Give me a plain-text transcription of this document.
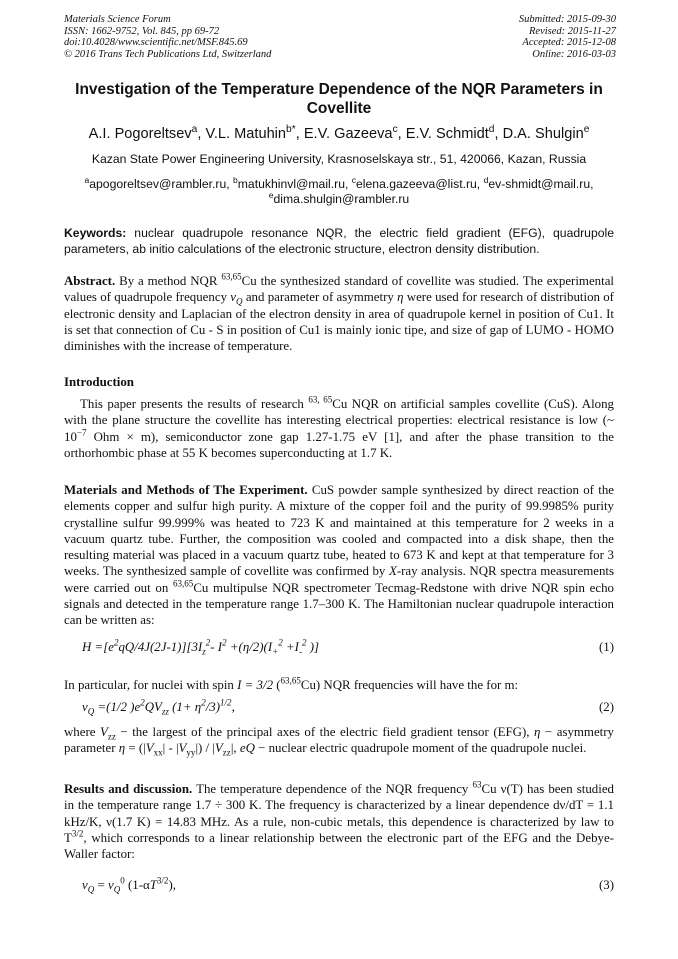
Materials Science Forum
ISSN: 1662-9752, Vol. 845, pp 69-72
doi:10.4028/www.scientific.net/MSF.845.69
© 2016 Trans Tech Publications Ltd, Switzerland
Submitted: 2015-09-30
Revised: 2015-11-27
Accepted: 2015-12-08
Online: 2016-03-03
Investigation of the Temperature Dependence of the NQR Parameters in Covellite
A.I. Pogoreltsev$^a$, V.L. Matuhin$^{b*}$, E.V. Gazeeva$^c$, E.V. Schmidt$^d$, D.A. Shulgin$^e$
Kazan State Power Engineering University, Krasnoselskaya str., 51, 420066, Kazan, Russia
$^a$apogoreltsev@rambler.ru, $^b$matukhinvl@mail.ru, $^c$elena.gazeeva@list.ru, $^d$ev-shmidt@mail.ru,
$^e$dima.shulgin@rambler.ru
Keywords: nuclear quadrupole resonance NQR, the electric field gradient (EFG), quadrupole parameters, ab initio calculations of the electronic structure, electron density distribution.
Abstract. By a method NQR $^{63,65}$Cu the synthesized standard of covellite was studied. The experimental values of quadrupole frequency $\nu_Q$ and parameter of asymmetry η were used for research of distribution of electronic density and Laplacian of the electron density in area of quadrupole kernel in position of Cu1. It is set that connection of Cu - S in position of Cu1 is mainly ionic tipe, and size of gap of LUMO - HOMO diminishes with the increase of temperature.
Introduction
This paper presents the results of research $^{63, 65}$Cu NQR on artificial samples covellite (CuS). Along with the plane structure the covellite has interesting electrical properties: electrical resistance is low (~ $10^{-7}$ Ohm × m), semiconductor zone gap 1.27-1.75 eV [1], and after the phase transition to the orthorhombic phase at 55 K becomes superconducting at 1.7 K.
Materials and Methods of The Experiment. CuS powder sample synthesized by direct reaction of the elements copper and sulfur high purity. A mixture of the copper foil and the purity of 99.9985% purity crystalline sulfur 99.999% was heated to 723 K and maintained at this temperature for 2 weeks in a vacuum quartz tube. Further, the composition was cooled and compacted into a disk shape, then the resulting material was placed in a vacuum quartz tube, heated to 673 K and kept at that temperature for 3 weeks. The synthesized sample of covellite was confirmed by X-ray analysis. NQR spectra measurements were carried out on $^{63,65}$Cu multipulse NQR spectrometer Tecmag-Redstone with drive NQR spin echo signals and detected in the temperature range 1.7–300 K. The Hamiltonian nuclear quadrupole interaction can be written as:
$H =[e^2qQ/4J(2J-1)][3I_z^2-$ $I^2 +(\eta/2)(I_+^2 +I_-^2$ )]	(1)
In particular, for nuclei with spin I = 3/2 ($^{63,65}$Cu) NQR frequencies will have the for m:
$\nu_Q =(1/2$ )$e^2QV_{zz}$ $(1+ \eta^2/3)^{1/2}$,	(2)
where $V_{zz}$ − the largest of the principal axes of the electric field gradient tensor (EFG), η − asymmetry parameter $\eta = (|V_{xx}| - |V_{yy}|) / |V_{zz}|$, eQ − nuclear electric quadrupole moment of the quadrupole nuclei.
Results and discussion. The temperature dependence of the NQR frequency $^{63}$Cu ν(T) has been studied in the temperature range 1.7 ÷ 300 K. The frequency is characterized by a linear dependence dν/dT = 1.1 kHz/K, ν(1.7 K) = 14.83 MHz. As a rule, non-cubic metals, this dependence is characterized by law to $T^{3/2}$, which corresponds to a linear relationship between the electronic part of the EFG and the Debye-Waller factor:
$\nu_Q = \nu_Q^0$ $(1-\alpha T^{3/2})$,	(3)
